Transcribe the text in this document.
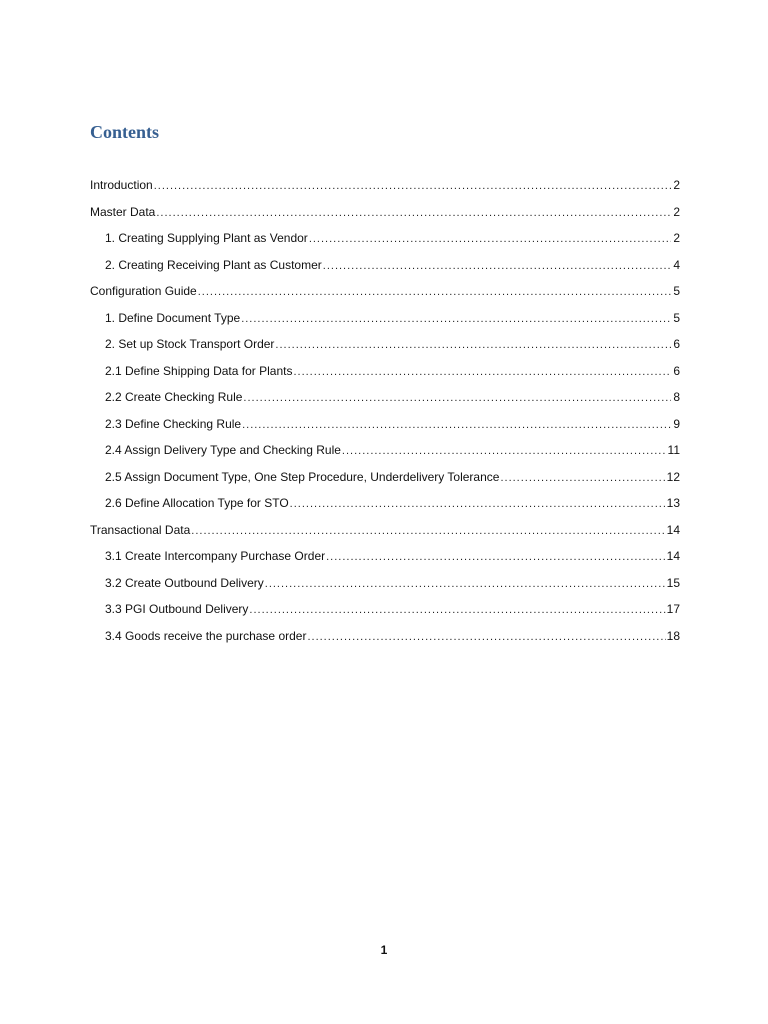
Contents
Introduction .....	2
Master Data .....	2
1. Creating Supplying Plant as Vendor .....	2
2. Creating Receiving Plant as Customer .....	4
Configuration Guide .....	5
1. Define Document Type .....	5
2. Set up Stock Transport Order .....	6
2.1 Define Shipping Data for Plants .....	6
2.2 Create Checking Rule .....	8
2.3 Define Checking Rule .....	9
2.4 Assign Delivery Type and Checking Rule .....	11
2.5 Assign Document Type, One Step Procedure, Underdelivery Tolerance .....	12
2.6 Define Allocation Type for STO .....	13
Transactional Data .....	14
3.1 Create Intercompany Purchase Order .....	14
3.2 Create Outbound Delivery .....	15
3.3 PGI Outbound Delivery .....	17
3.4 Goods receive the purchase order .....	18
1
